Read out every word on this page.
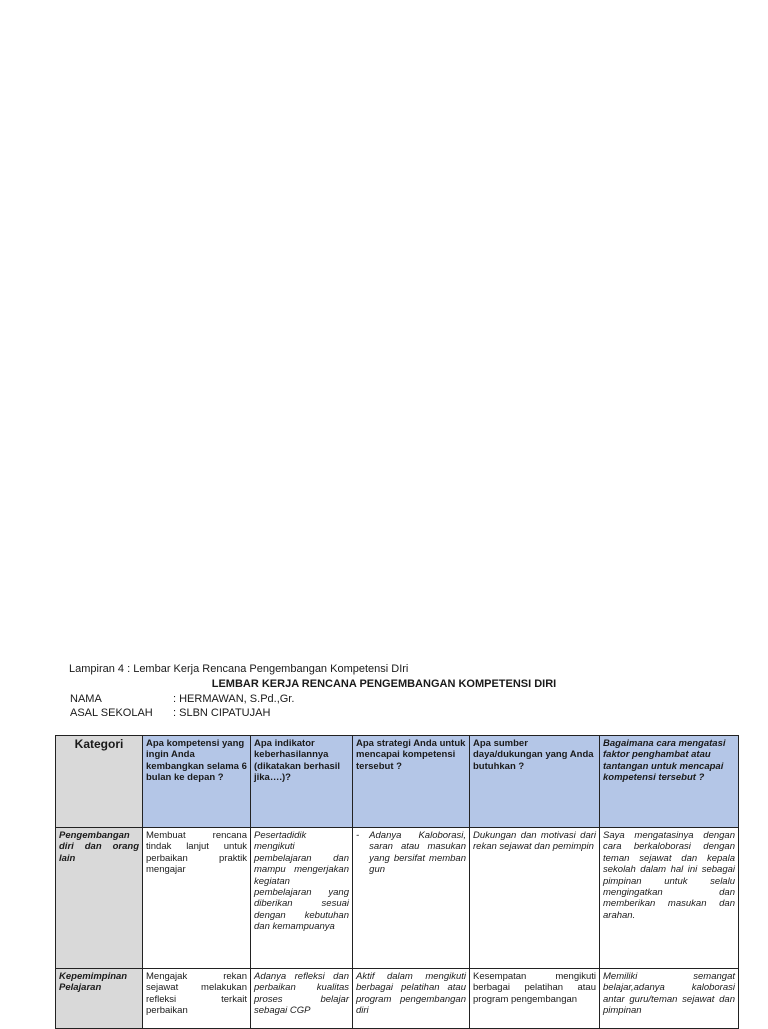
Lampiran 4 : Lembar Kerja Rencana Pengembangan Kompetensi DIri
LEMBAR KERJA RENCANA PENGEMBANGAN KOMPETENSI DIRI
NAMA	: HERMAWAN, S.Pd.,Gr.
ASAL SEKOLAH : SLBN CIPATUJAH
Kategori	Apa kompetensi yang ingin Anda kembangkan selama 6 bulan ke depan ?	Apa indikator keberhasilannya (dikatakan berhasil jika….)?	Apa strategi Anda untuk mencapai kompetensi tersebut ?	Apa sumber daya/dukungan yang Anda butuhkan ?	Bagaimana cara mengatasi faktor penghambat atau tantangan untuk mencapai kompetensi tersebut ?
Pengembangan diri dan orang lain	Membuat rencana tindak lanjut untuk perbaikan praktik mengajar	Pesertadidik mengikuti pembelajaran dan mampu mengerjakan kegiatan pembelajaran yang diberikan sesuai dengan kebutuhan dan kemampuanya	- Adanya Kaloborasi, saran atau masukan yang bersifat memban gun	Dukungan dan motivasi dari rekan sejawat dan pemimpin	Saya mengatasinya dengan cara berkaloborasi dengan teman sejawat dan kepala sekolah dalam hal ini sebagai pimpinan untuk selalu mengingatkan dan memberikan masukan dan arahan.
Kepemimpinan Pelajaran	Mengajak rekan sejawat melakukan refleksi terkait perbaikan	Adanya refleksi dan perbaikan kualitas proses belajar sebagai CGP	Aktif dalam mengikuti berbagai pelatihan atau program pengembangan diri	Kesempatan mengikuti berbagai pelatihan atau program pengembangan	Memiliki semangat belajar,adanya kaloborasi antar guru/teman sejawat dan pimpinan
